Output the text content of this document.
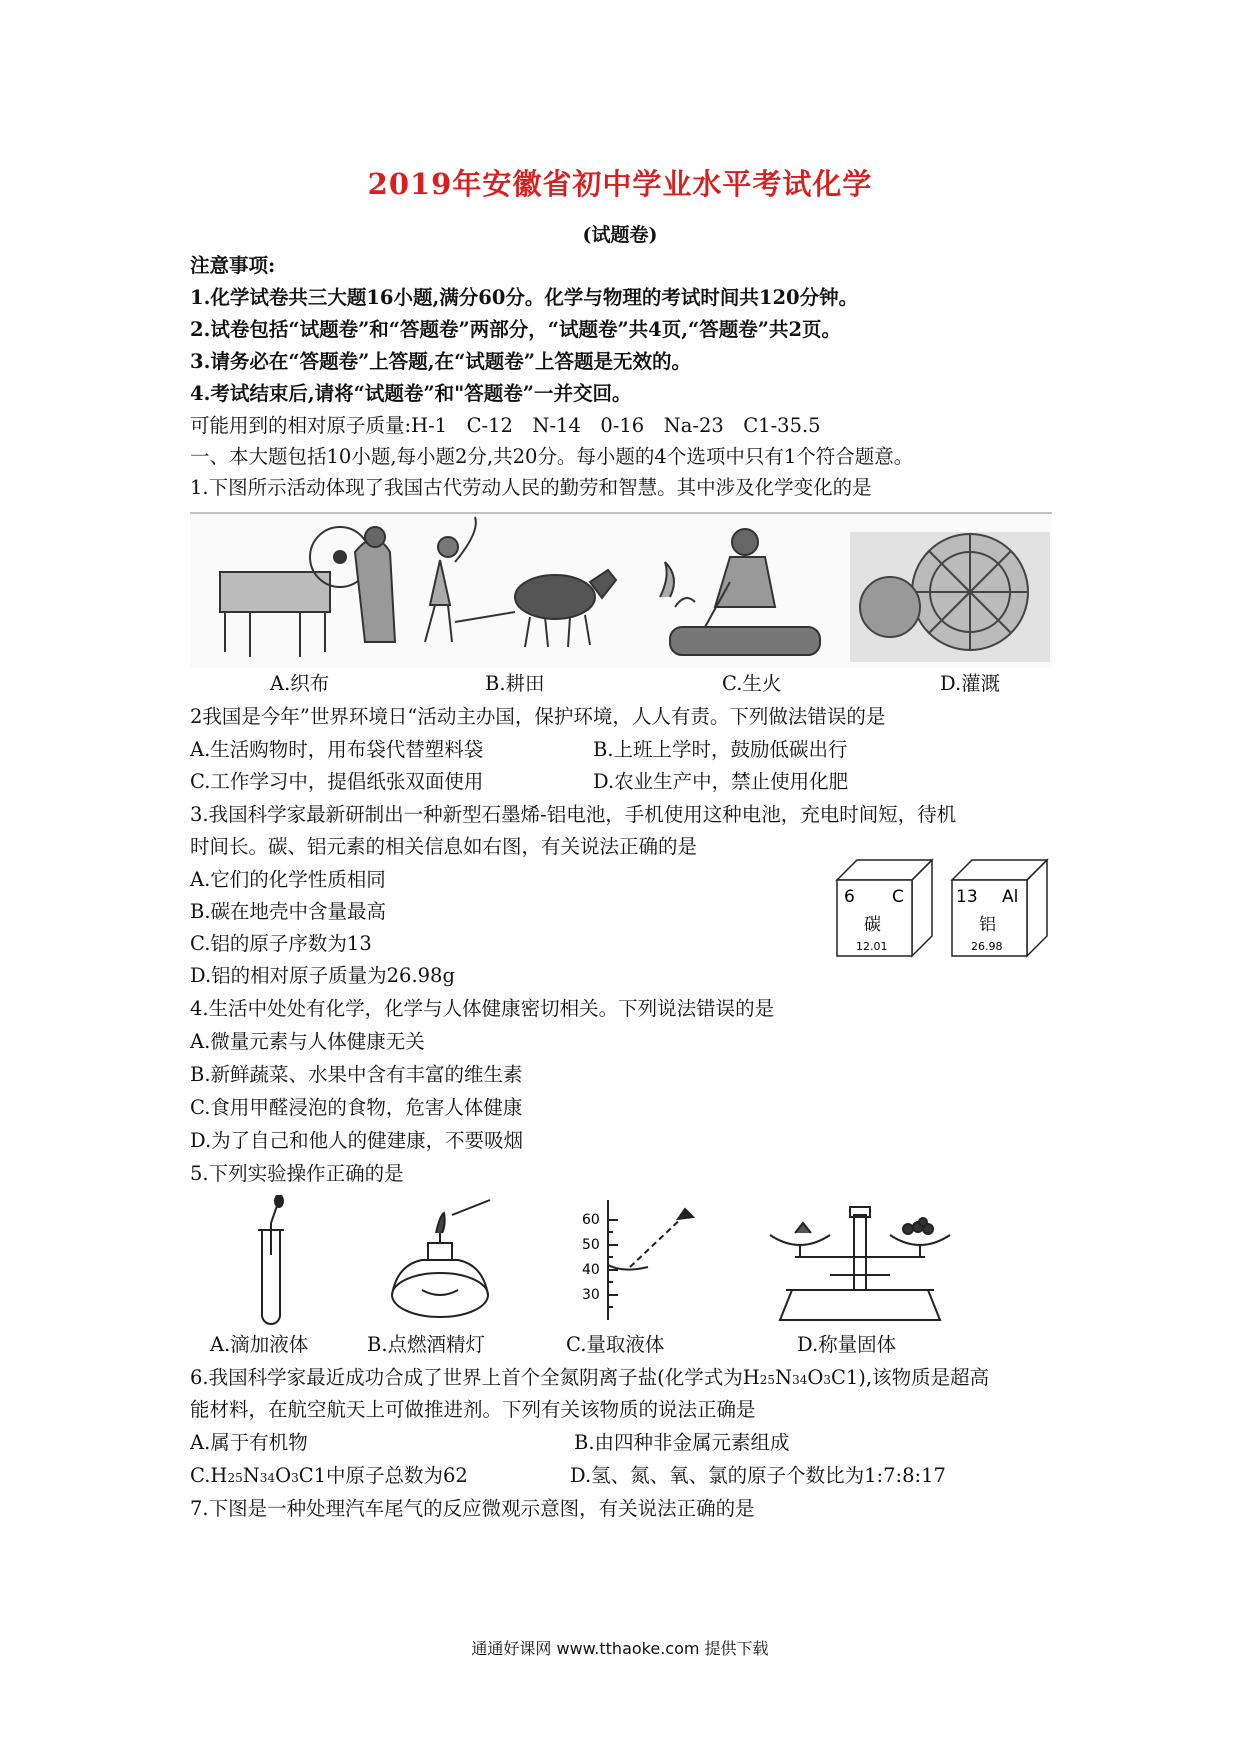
2019年安徽省初中学业水平考试化学
(试题卷)
注意事项:
1.化学试卷共三大题16小题,满分60分。化学与物理的考试时间共120分钟。
2.试卷包括“试题卷”和“答题卷”两部分，“试题卷”共4页,“答题卷”共2页。
3.请务必在“答题卷”上答题,在“试题卷”上答题是无效的。
4.考试结束后,请将“试题卷”和"答题卷”一并交回。
可能用到的相对原子质量:H-1　C-12　N-14　0-16　Na-23　C1-35.5
一、本大题包括10小题,每小题2分,共20分。每小题的4个选项中只有1个符合题意。
1.下图所示活动体现了我国古代劳动人民的勤劳和智慧。其中涉及化学变化的是
A.织布	B.耕田	C.生火	D.灌溉
2我国是今年”世界环境日“活动主办国，保护环境，人人有责。下列做法错误的是
A.生活购物时，用布袋代替塑料袋	B.上班上学时，鼓励低碳出行
C.工作学习中，提倡纸张双面使用	D.农业生产中，禁止使用化肥
3.我国科学家最新研制出一种新型石墨烯-铝电池，手机使用这种电池，充电时间短，待机
时间长。碳、铝元素的相关信息如右图，有关说法正确的是
A.它们的化学性质相同
B.碳在地壳中含量最高
C.铝的原子序数为13
D.铝的相对原子质量为26.98g
6 C
碳
12.01
13 Al
铝
26.98
4.生活中处处有化学，化学与人体健康密切相关。下列说法错误的是
A.微量元素与人体健康无关
B.新鲜蔬菜、水果中含有丰富的维生素
C.食用甲醛浸泡的食物，危害人体健康
D.为了自己和他人的健建康，不要吸烟
5.下列实验操作正确的是
60
50
40
30
A.滴加液体	B.点燃酒精灯	C.量取液体	D.称量固体
6.我国科学家最近成功合成了世界上首个全氮阴离子盐(化学式为H25N34O3C1),该物质是超高
能材料，在航空航天上可做推进剂。下列有关该物质的说法正确是
A.属于有机物	B.由四种非金属元素组成
C.H25N34O3C1中原子总数为62	D.氢、氮、氧、氯的原子个数比为1:7:8:17
7.下图是一种处理汽车尾气的反应微观示意图，有关说法正确的是
通通好课网 www.tthaoke.com 提供下载
